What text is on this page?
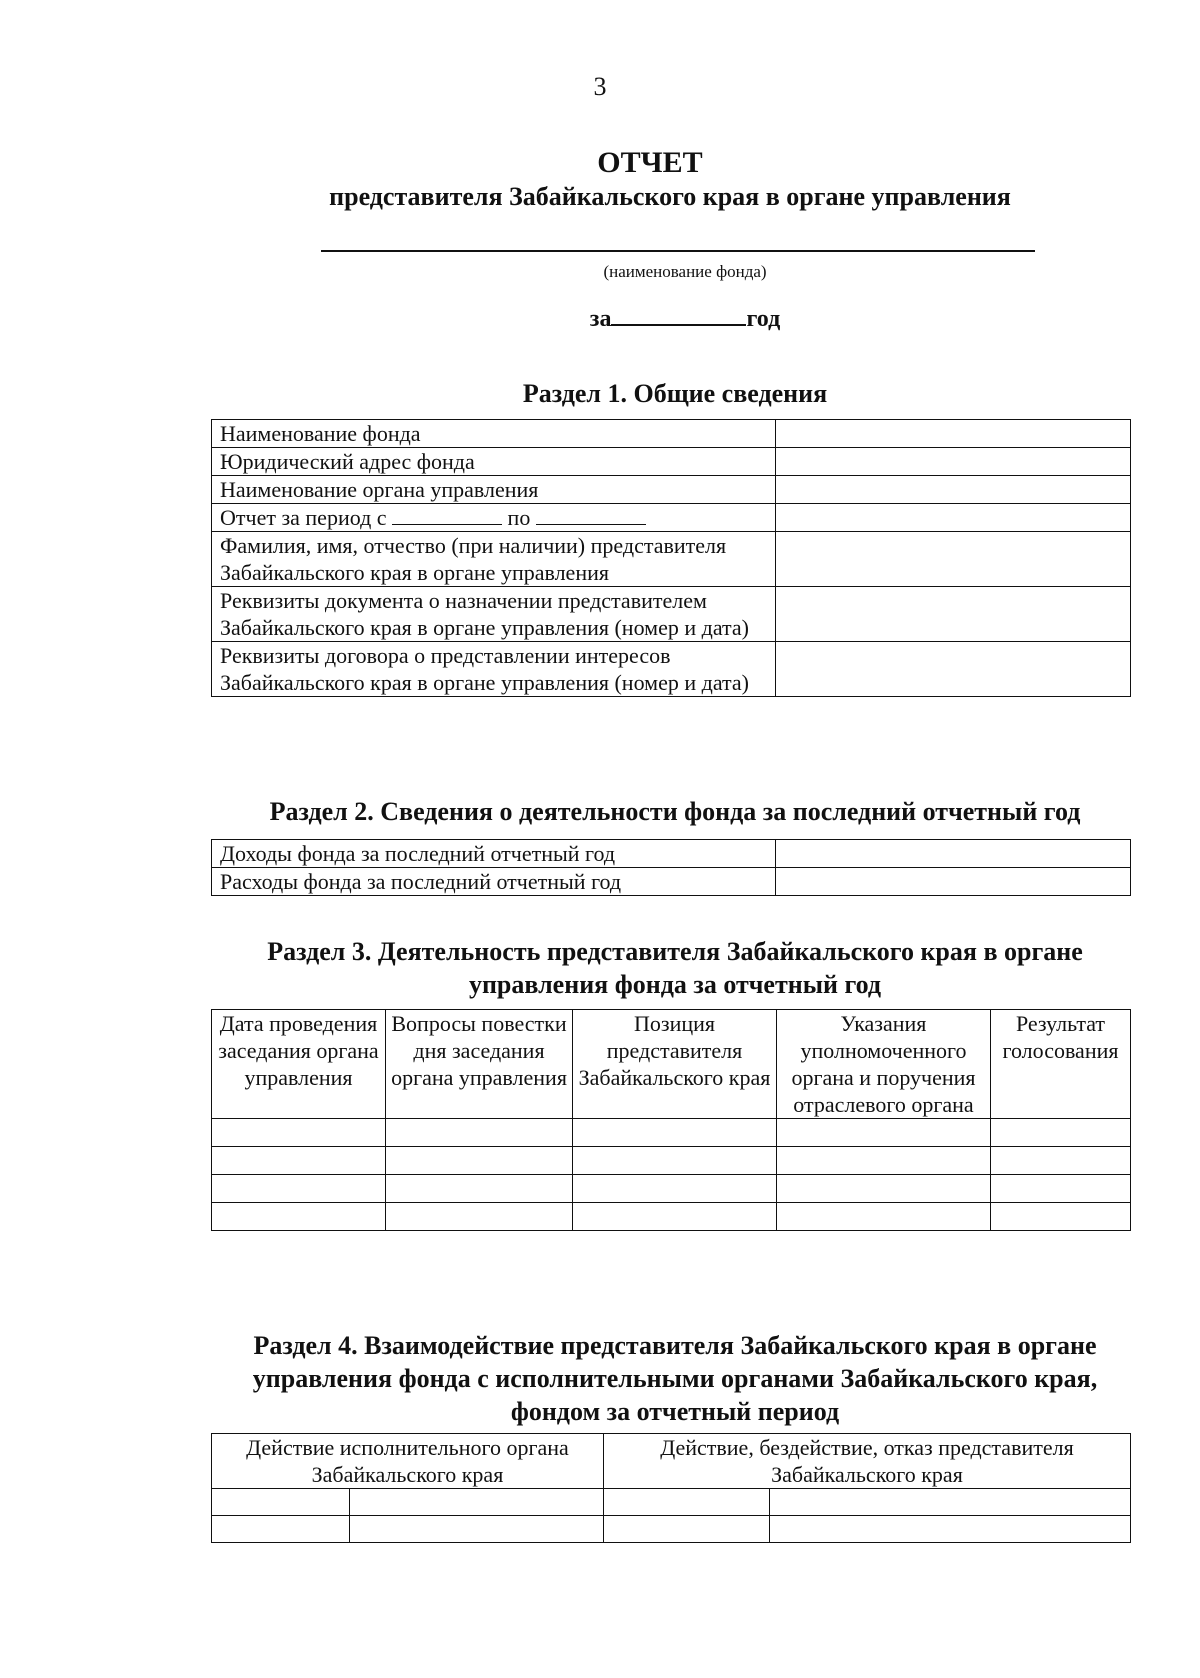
3
ОТЧЕТ
представителя Забайкальского края в органе управления
(наименование фонда)
за	год
Раздел 1. Общие сведения
Наименование фонда	
Юридический адрес фонда	
Наименование органа управления	
Отчет за период с по	
Фамилия, имя, отчество (при наличии) представителя Забайкальского края в органе управления	
Реквизиты документа о назначении представителем Забайкальского края в органе управления (номер и дата)	
Реквизиты договора о представлении интересов Забайкальского края в органе управления (номер и дата)	
Раздел 2. Сведения о деятельности фонда за последний отчетный год
Доходы фонда за последний отчетный год	
Расходы фонда за последний отчетный год	
Раздел 3. Деятельность представителя Забайкальского края в органе
управления фонда за отчетный год
Дата проведения заседания органа управления	Вопросы повестки дня заседания органа управления	Позиция представителя Забайкальского края	Указания уполномоченного органа и поручения отраслевого органа	Результат голосования

Раздел 4. Взаимодействие представителя Забайкальского края в органе
управления фонда с исполнительными органами Забайкальского края,
фондом за отчетный период
Действие исполнительного органа Забайкальского края		Действие, бездействие, отказ представителя Забайкальского края	
